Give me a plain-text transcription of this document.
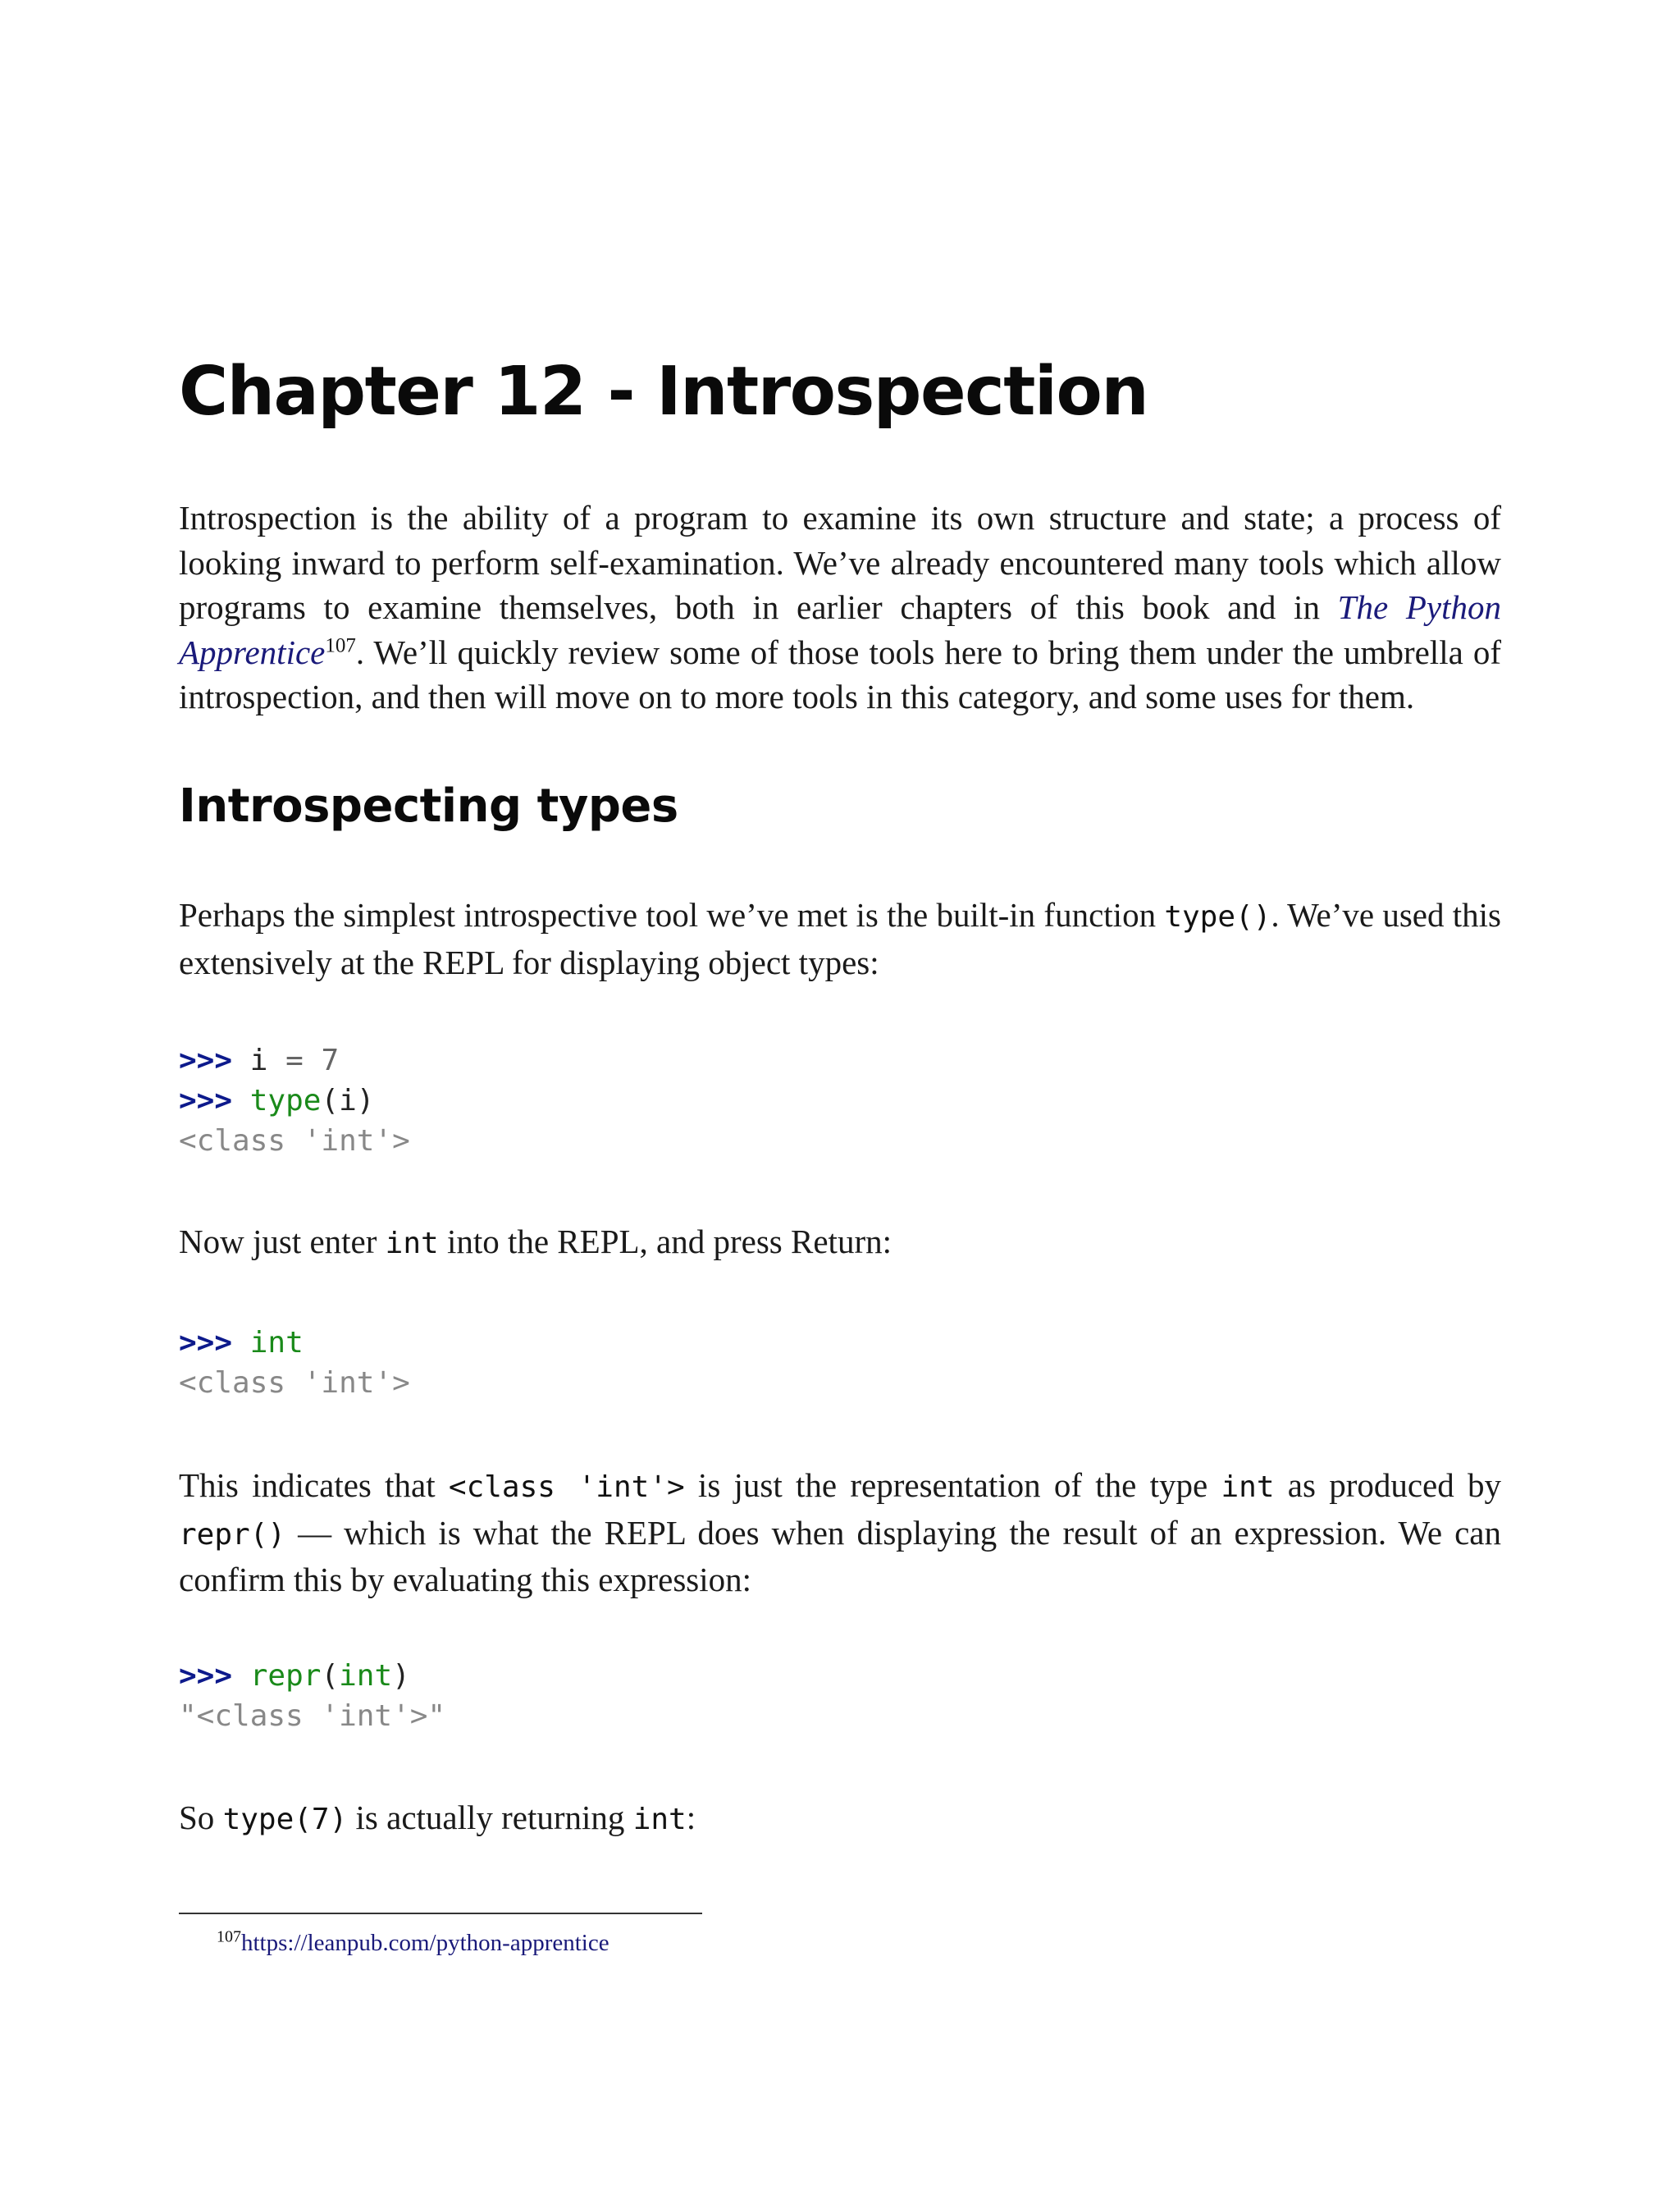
Chapter 12 - Introspection

Introspection is the ability of a program to examine its own structure and state; a process of looking inward to perform self-examination. We’ve already encountered many tools which allow programs to examine themselves, both in earlier chapters of this book and in The Python Apprentice$^{107}$. We’ll quickly review some of those tools here to bring them under the umbrella of introspection, and then will move on to more tools in this category, and some uses for them.

Introspecting types

Perhaps the simplest introspective tool we’ve met is the built-in function type(). We’ve used this extensively at the REPL for displaying object types:

>>> i = 7
>>> type(i)
<class 'int'>

Now just enter int into the REPL, and press Return:

>>> int
<class 'int'>

This indicates that <class 'int'> is just the representation of the type int as produced by repr() — which is what the REPL does when displaying the result of an expression. We can confirm this by evaluating this expression:

>>> repr(int)
"<class 'int'>"

So type(7) is actually returning int:

$^{107}$https://leanpub.com/python-apprentice
